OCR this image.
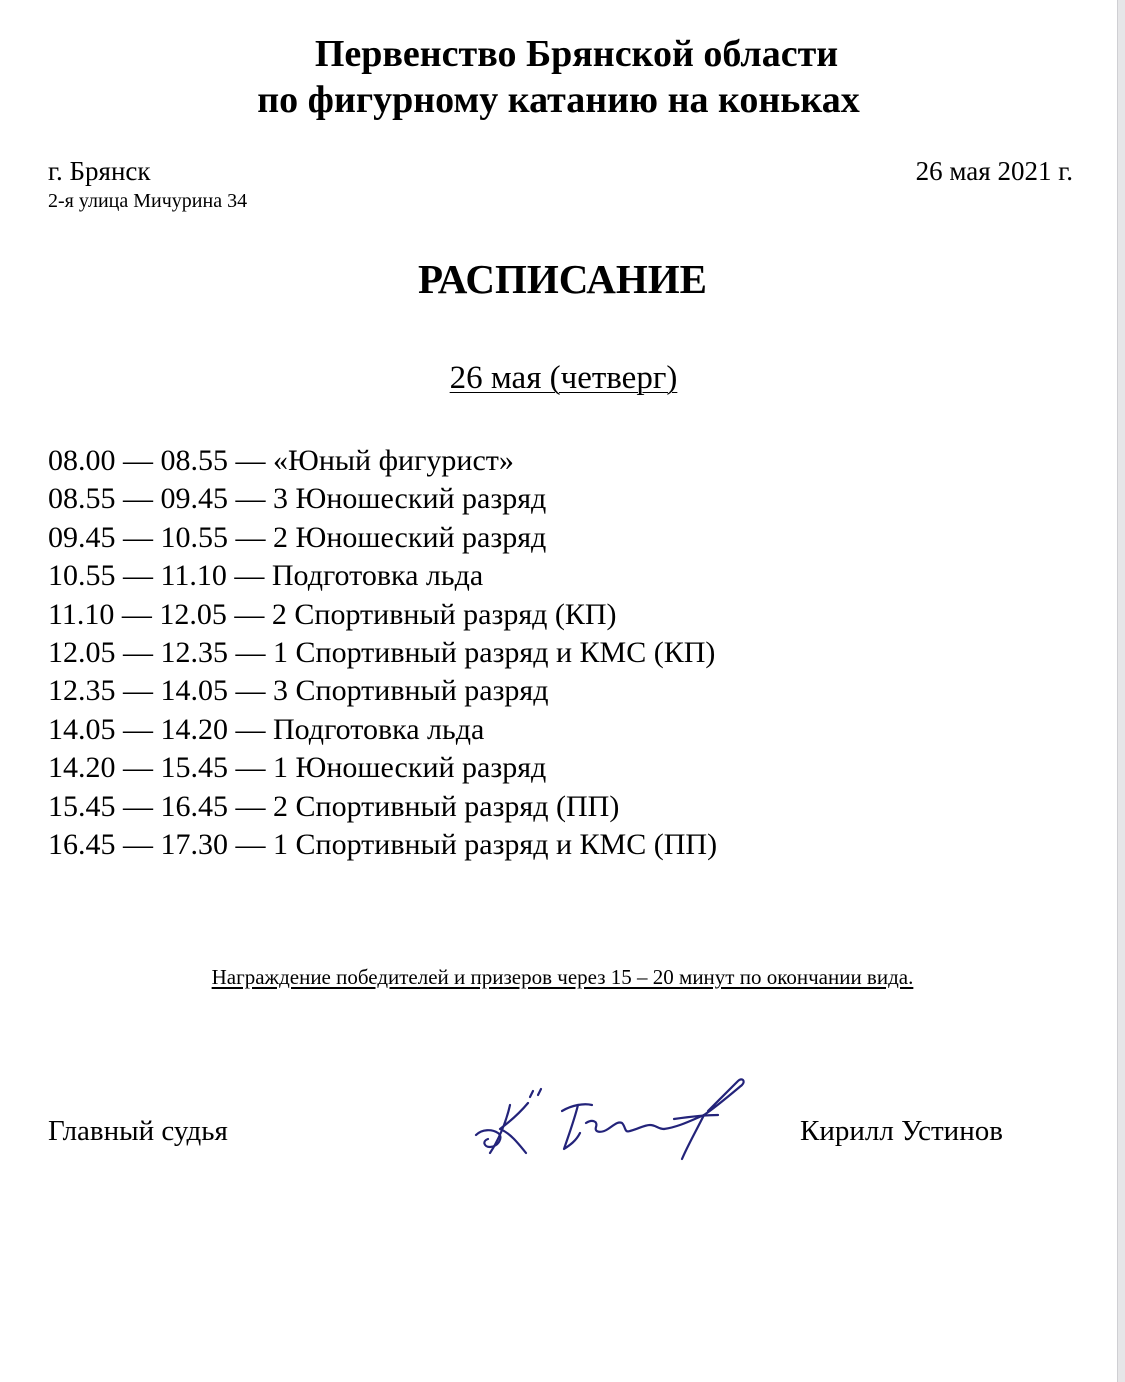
Первенство Брянской области
по фигурному катанию на коньках
г. Брянск
2-я улица Мичурина 34
26 мая 2021 г.
РАСПИСАНИЕ
26 мая (четверг)
08.00 — 08.55 — «Юный фигурист»
08.55 — 09.45 — 3 Юношеский разряд
09.45 — 10.55 — 2 Юношеский разряд
10.55 — 11.10 — Подготовка льда
11.10 — 12.05 — 2 Спортивный разряд (КП)
12.05 — 12.35 — 1 Спортивный разряд и КМС (КП)
12.35 — 14.05 — 3 Спортивный разряд
14.05 — 14.20 — Подготовка льда
14.20 — 15.45 — 1 Юношеский разряд
15.45 — 16.45 — 2 Спортивный разряд (ПП)
16.45 — 17.30 — 1 Спортивный разряд и КМС (ПП)
Награждение победителей и призеров через 15 – 20 минут по окончании вида.
Главный судья	Кирилл Устинов
